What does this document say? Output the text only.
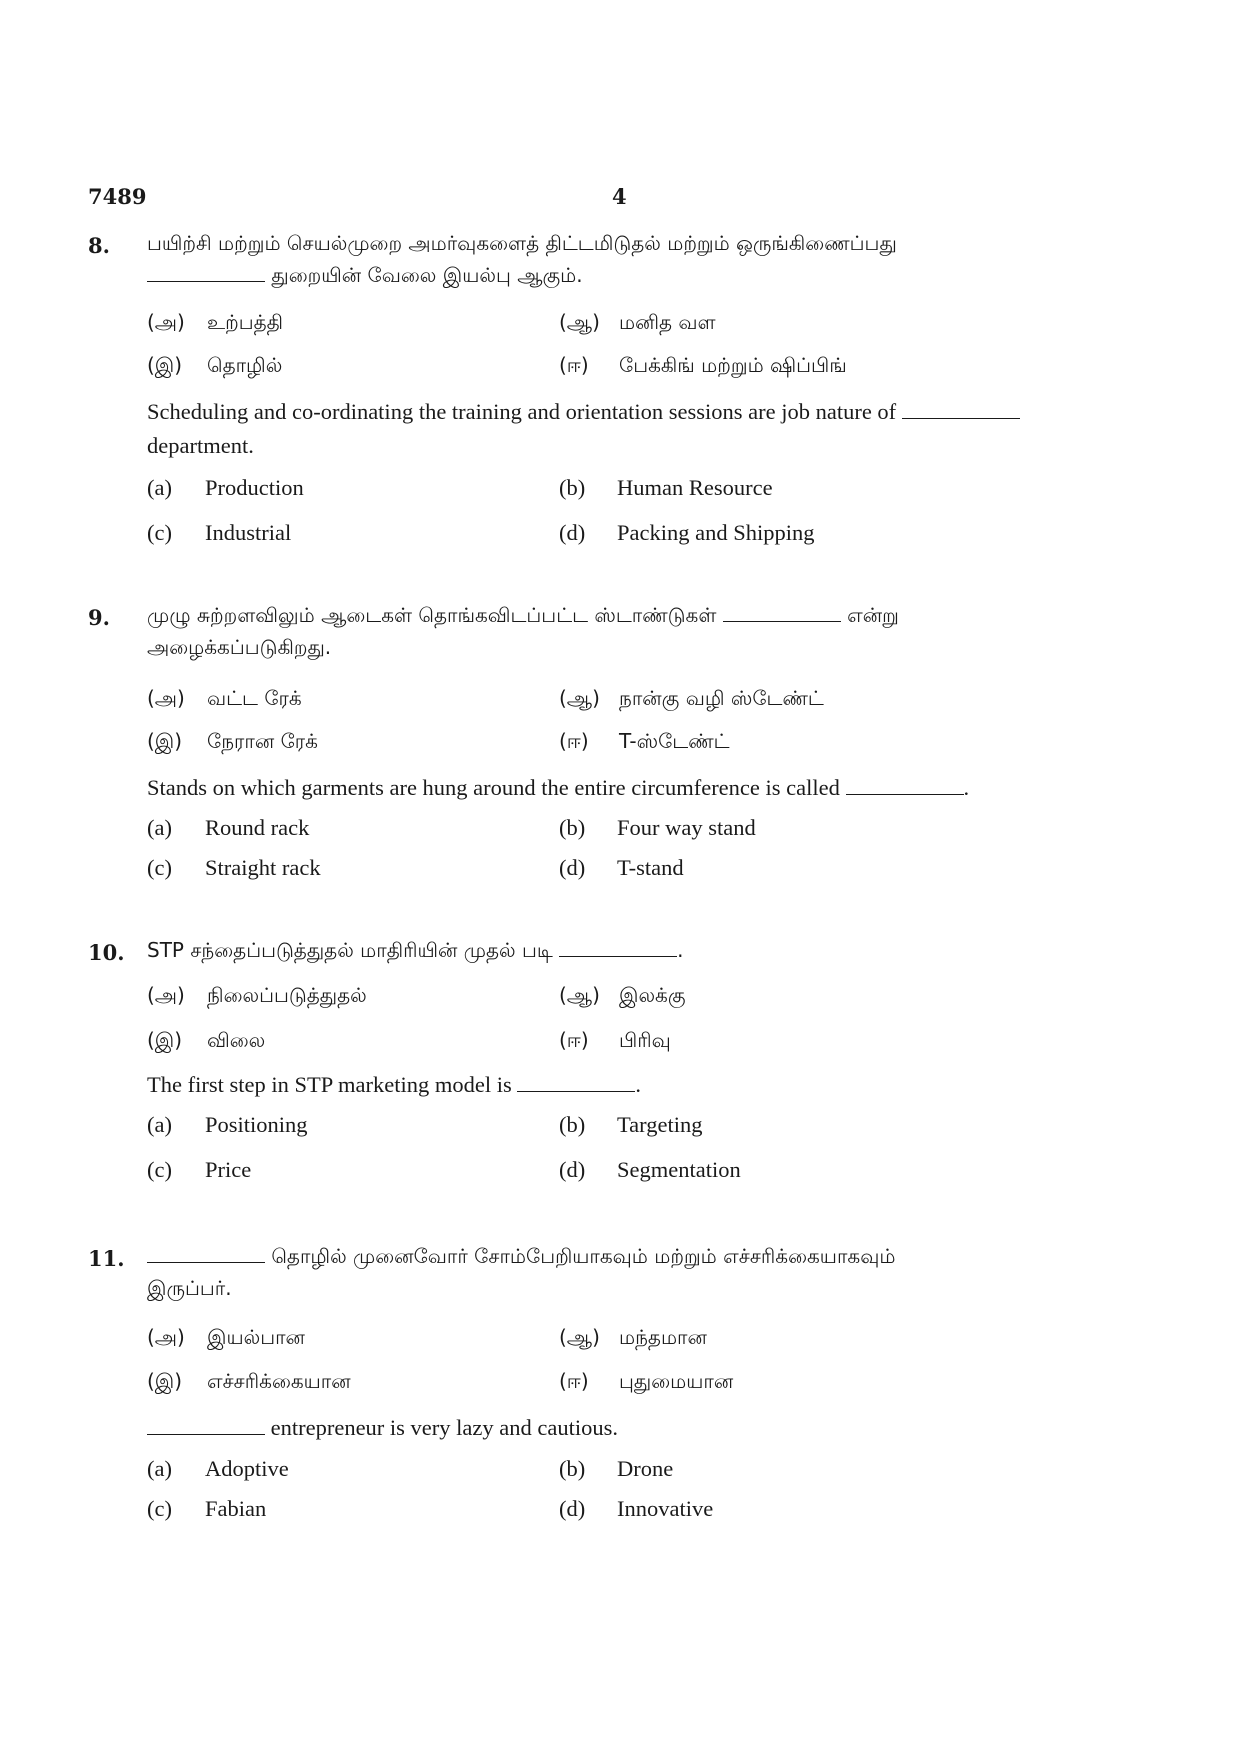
7489	4
8. பயிற்சி மற்றும் செயல்முறை அமர்வுகளைத் திட்டமிடுதல் மற்றும் ஒருங்கிணைப்பது
துறையின் வேலை இயல்பு ஆகும்.
(அ) உற்பத்தி	(ஆ) மனித வள
(இ) தொழில்	(ஈ) பேக்கிங் மற்றும் ஷிப்பிங்
Scheduling and co-ordinating the training and orientation sessions are job nature of
department.
(a) Production	(b) Human Resource
(c) Industrial	(d) Packing and Shipping
9. முழு சுற்றளவிலும் ஆடைகள் தொங்கவிடப்பட்ட ஸ்டாண்டுகள்	என்று
அழைக்கப்படுகிறது.
(அ) வட்ட ரேக்	(ஆ) நான்கு வழி ஸ்டேண்ட்
(இ) நேரான ரேக்	(ஈ) T-ஸ்டேண்ட்
Stands on which garments are hung around the entire circumference is called	.
(a) Round rack	(b) Four way stand
(c) Straight rack	(d) T-stand
10. STP சந்தைப்படுத்துதல் மாதிரியின் முதல் படி	.
(அ) நிலைப்படுத்துதல்	(ஆ) இலக்கு
(இ) விலை	(ஈ) பிரிவு
The first step in STP marketing model is	.
(a) Positioning	(b) Targeting
(c) Price	(d) Segmentation
11.	தொழில் முனைவோர் சோம்பேறியாகவும் மற்றும் எச்சரிக்கையாகவும்
இருப்பர்.
(அ) இயல்பான	(ஆ) மந்தமான
(இ) எச்சரிக்கையான	(ஈ) புதுமையான
entrepreneur is very lazy and cautious.
(a) Adoptive	(b) Drone
(c) Fabian	(d) Innovative
